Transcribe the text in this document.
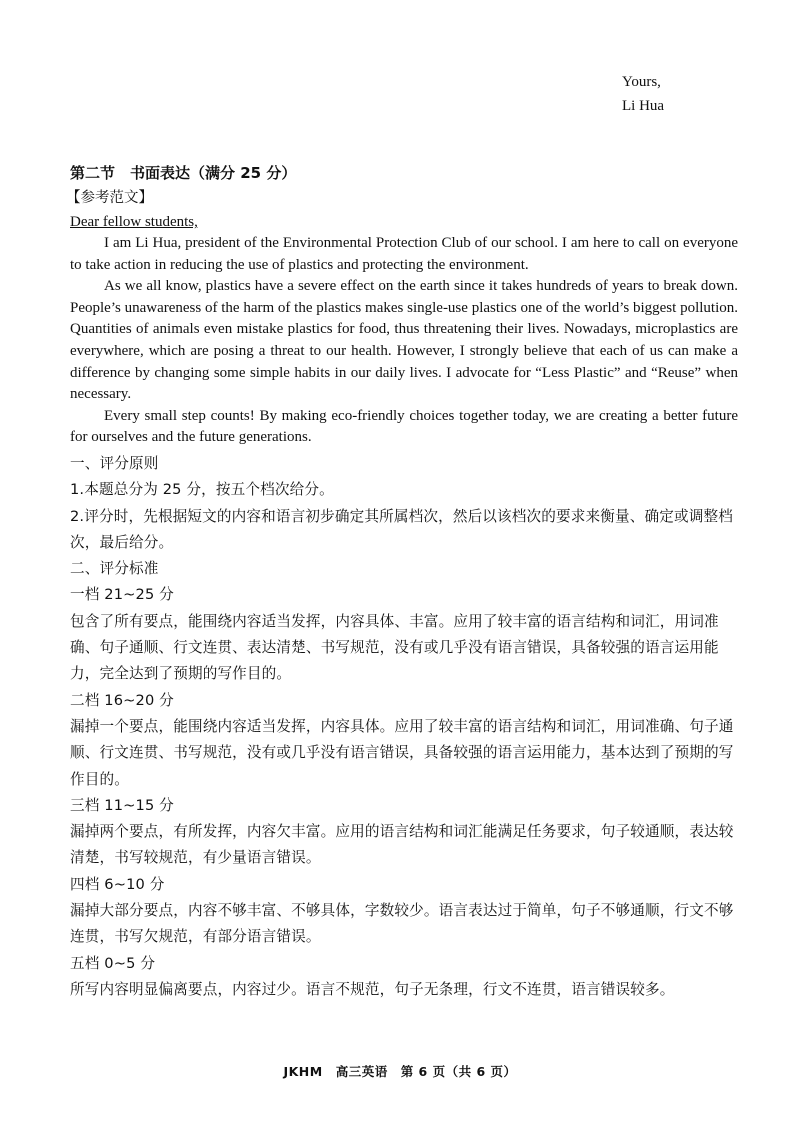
Yours,
Li Hua
第二节　书面表达（满分 25 分）
【参考范文】
Dear fellow students,

I am Li Hua, president of the Environmental Protection Club of our school. I am here to call on everyone to take action in reducing the use of plastics and protecting the environment.

As we all know, plastics have a severe effect on the earth since it takes hundreds of years to break down. People’s unawareness of the harm of the plastics makes single-use plastics one of the world’s biggest pollution. Quantities of animals even mistake plastics for food, thus threatening their lives. Nowadays, microplastics are everywhere, which are posing a threat to our health. However, I strongly believe that each of us can make a difference by changing some simple habits in our daily lives. I advocate for “Less Plastic” and “Reuse” when necessary.

Every small step counts! By making eco-friendly choices together today, we are creating a better future for ourselves and the future generations.

一、评分原则
1.本题总分为 25 分，按五个档次给分。
2.评分时，先根据短文的内容和语言初步确定其所属档次，然后以该档次的要求来衡量、确定或调整档次，最后给分。
二、评分标准
一档 21~25 分
包含了所有要点，能围绕内容适当发挥，内容具体、丰富。应用了较丰富的语言结构和词汇，用词准确、句子通顺、行文连贯、表达清楚、书写规范，没有或几乎没有语言错误，具备较强的语言运用能力，完全达到了预期的写作目的。
二档 16~20 分
漏掉一个要点，能围绕内容适当发挥，内容具体。应用了较丰富的语言结构和词汇，用词准确、句子通顺、行文连贯、书写规范，没有或几乎没有语言错误，具备较强的语言运用能力，基本达到了预期的写作目的。
三档 11~15 分
漏掉两个要点，有所发挥，内容欠丰富。应用的语言结构和词汇能满足任务要求，句子较通顺，表达较清楚，书写较规范，有少量语言错误。
四档 6~10 分
漏掉大部分要点，内容不够丰富、不够具体，字数较少。语言表达过于简单，句子不够通顺，行文不够连贯，书写欠规范，有部分语言错误。
五档 0~5 分
所写内容明显偏离要点，内容过少。语言不规范，句子无条理，行文不连贯，语言错误较多。
JKHM　高三英语　第 6 页（共 6 页）
